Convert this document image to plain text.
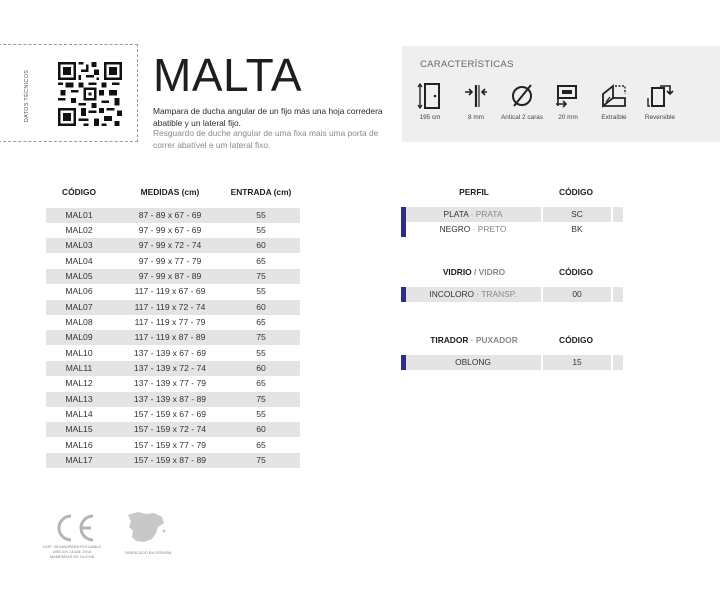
DATOS TÉCNICOS	MALTA
Mampara de ducha angular de un fijo más una hoja corredera abatible y un lateral fijo.
Resguardo de duche angular de uma fixa mais uma porta de correr abatível e um lateral fixo.
CARACTERÍSTICAS
195 cm	8 mm	Antical 2 caras	20 mm	Extraíble	Reversible
CÓDIGO	MEDIDAS (cm)	ENTRADA (cm)
MAL01	87 - 89 x 67 - 69	55
MAL02	97 - 99 x 67 - 69	55
MAL03	97 - 99 x 72 - 74	60
MAL04	97 - 99 x 77 - 79	65
MAL05	97 - 99 x 87 - 89	75
MAL06	117 - 119 x 67 - 69	55
MAL07	117 - 119 x 72 - 74	60
MAL08	117 - 119 x 77 - 79	65
MAL09	117 - 119 x 87 - 89	75
MAL10	137 - 139 x 67 - 69	55
MAL11	137 - 139 x 72 - 74	60
MAL12	137 - 139 x 77 - 79	65
MAL13	137 - 139 x 87 - 89	75
MAL14	157 - 159 x 67 - 69	55
MAL15	157 - 159 x 72 - 74	60
MAL16	157 - 159 x 77 - 79	65
MAL17	157 - 159 x 87 - 89	75
PERFIL	CÓDIGO
PLATA · PRATA	SC
NEGRO · PRETO	BK
VIDRIO / VIDRO	CÓDIGO
INCOLORO · TRANSP.	00
TIRADOR · PUXADOR	CÓDIGO
OBLONG	15
DOP: 08 MAMPARA PLEGABLE UNE-EN 14428: 2016 MAMPARAS DE DUCHA
FABRICADO EN ESPAÑA
